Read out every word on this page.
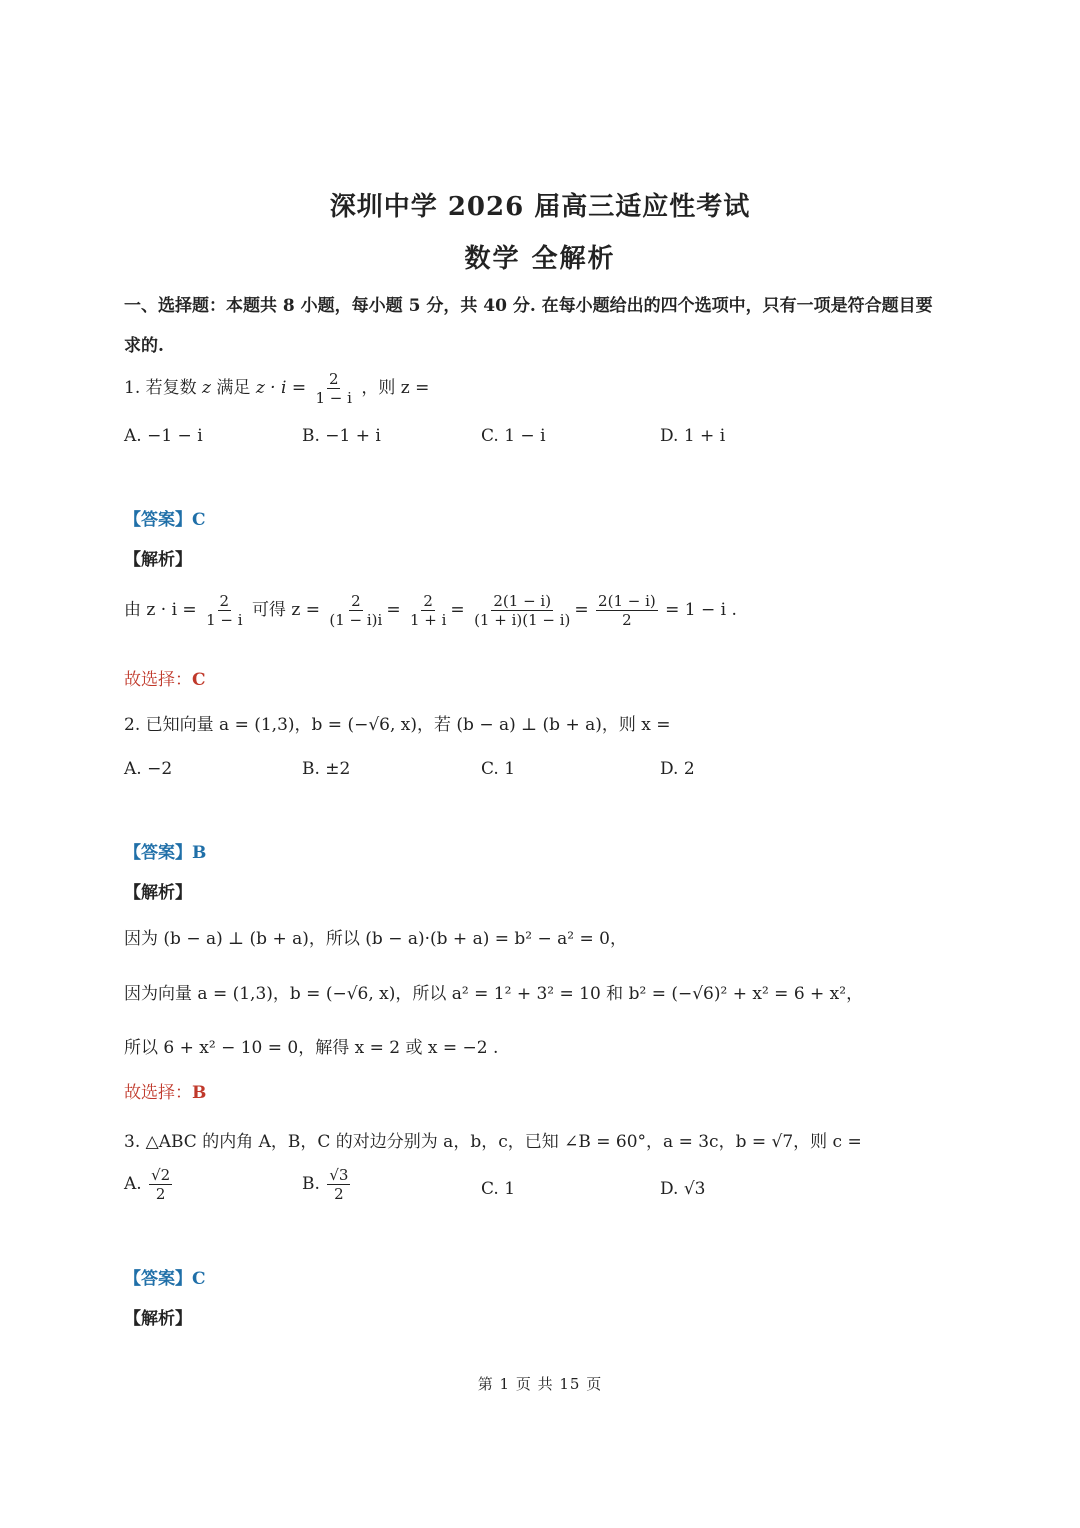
深圳中学 2026 届高三适应性考试
数学 全解析
一、选择题：本题共 8 小题，每小题 5 分，共 40 分. 在每小题给出的四个选项中，只有一项是符合题目要
求的.
1. 若复数 z 满足 $z \cdot i = \frac{2}{1 - i}$ ，则 z =
A. −1 − i	B. −1 + i	C. 1 − i	D. 1 + i
【答案】C
【解析】
由 $z \cdot i = \frac{2}{1 - i}$ 可得 $z = \frac{2}{(1 - i)i} = \frac{2}{1 + i} = \frac{2(1 - i)}{(1 + i)(1 - i)} = \frac{2(1 - i)}{2} = 1 - i$ .
故选择：C
2. 已知向量 a = (1,3)，b = (−√6, x)，若 (b − a) ⊥ (b + a)，则 x =
A. −2	B. ±2	C. 1	D. 2
【答案】B
【解析】
因为 (b − a) ⊥ (b + a)，所以 (b − a)·(b + a) = b² − a² = 0，
因为向量 a = (1,3)，b = (−√6, x)，所以 a² = 1² + 3² = 10 和 b² = (−√6)² + x² = 6 + x²，
所以 6 + x² − 10 = 0，解得 x = 2 或 x = −2 .
故选择：B
3. △ABC 的内角 A，B，C 的对边分别为 a，b，c，已知 ∠B = 60°，a = 3c，b = √7，则 c =
A. $\frac{√2}{2}$	B. $\frac{√3}{2}$	C. 1	D. √3
【答案】C
【解析】
第 1 页 共 15 页
